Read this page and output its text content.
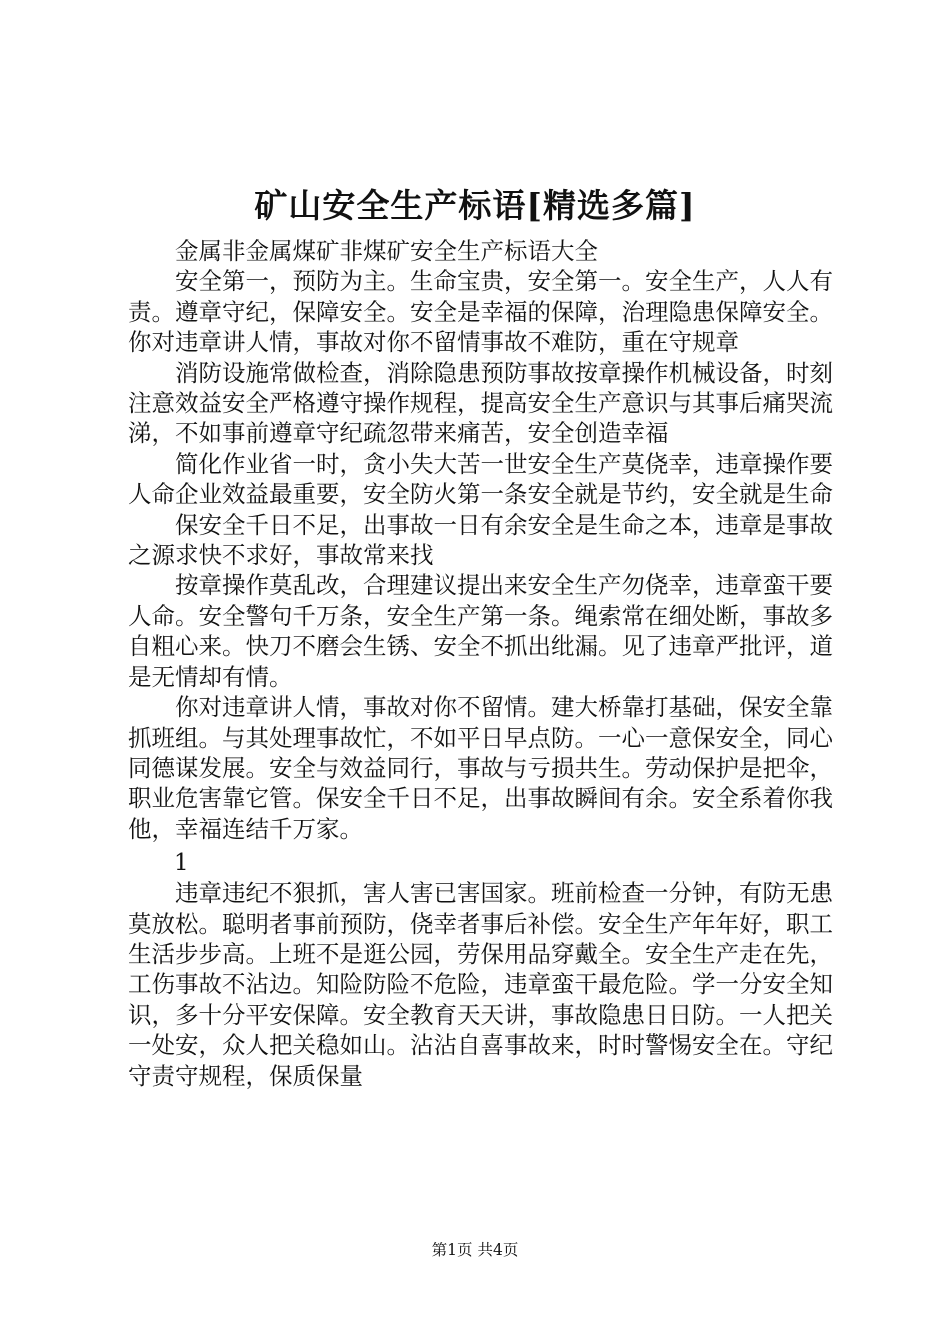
矿山安全生产标语[精选多篇]

金属非金属煤矿非煤矿安全生产标语大全

安全第一，预防为主。生命宝贵，安全第一。安全生产，人人有责。遵章守纪，保障安全。安全是幸福的保障，治理隐患保障安全。你对违章讲人情，事故对你不留情事故不难防，重在守规章

消防设施常做检查，消除隐患预防事故按章操作机械设备，时刻注意效益安全严格遵守操作规程，提高安全生产意识与其事后痛哭流涕，不如事前遵章守纪疏忽带来痛苦，安全创造幸福

简化作业省一时，贪小失大苦一世安全生产莫侥幸，违章操作要人命企业效益最重要，安全防火第一条安全就是节约，安全就是生命

保安全千日不足，出事故一日有余安全是生命之本，违章是事故之源求快不求好，事故常来找

按章操作莫乱改，合理建议提出来安全生产勿侥幸，违章蛮干要人命。安全警句千万条，安全生产第一条。绳索常在细处断，事故多自粗心来。快刀不磨会生锈、安全不抓出纰漏。见了违章严批评，道是无情却有情。

你对违章讲人情，事故对你不留情。建大桥靠打基础，保安全靠抓班组。与其处理事故忙，不如平日早点防。一心一意保安全，同心同德谋发展。安全与效益同行，事故与亏损共生。劳动保护是把伞，职业危害靠它管。保安全千日不足，出事故瞬间有余。安全系着你我他，幸福连结千万家。

1

违章违纪不狠抓，害人害已害国家。班前检查一分钟，有防无患莫放松。聪明者事前预防，侥幸者事后补偿。安全生产年年好，职工生活步步高。上班不是逛公园，劳保用品穿戴全。安全生产走在先，工伤事故不沾边。知险防险不危险，违章蛮干最危险。学一分安全知识，多十分平安保障。安全教育天天讲，事故隐患日日防。一人把关一处安，众人把关稳如山。沾沾自喜事故来，时时警惕安全在。守纪守责守规程，保质保量

第1页 共4页
